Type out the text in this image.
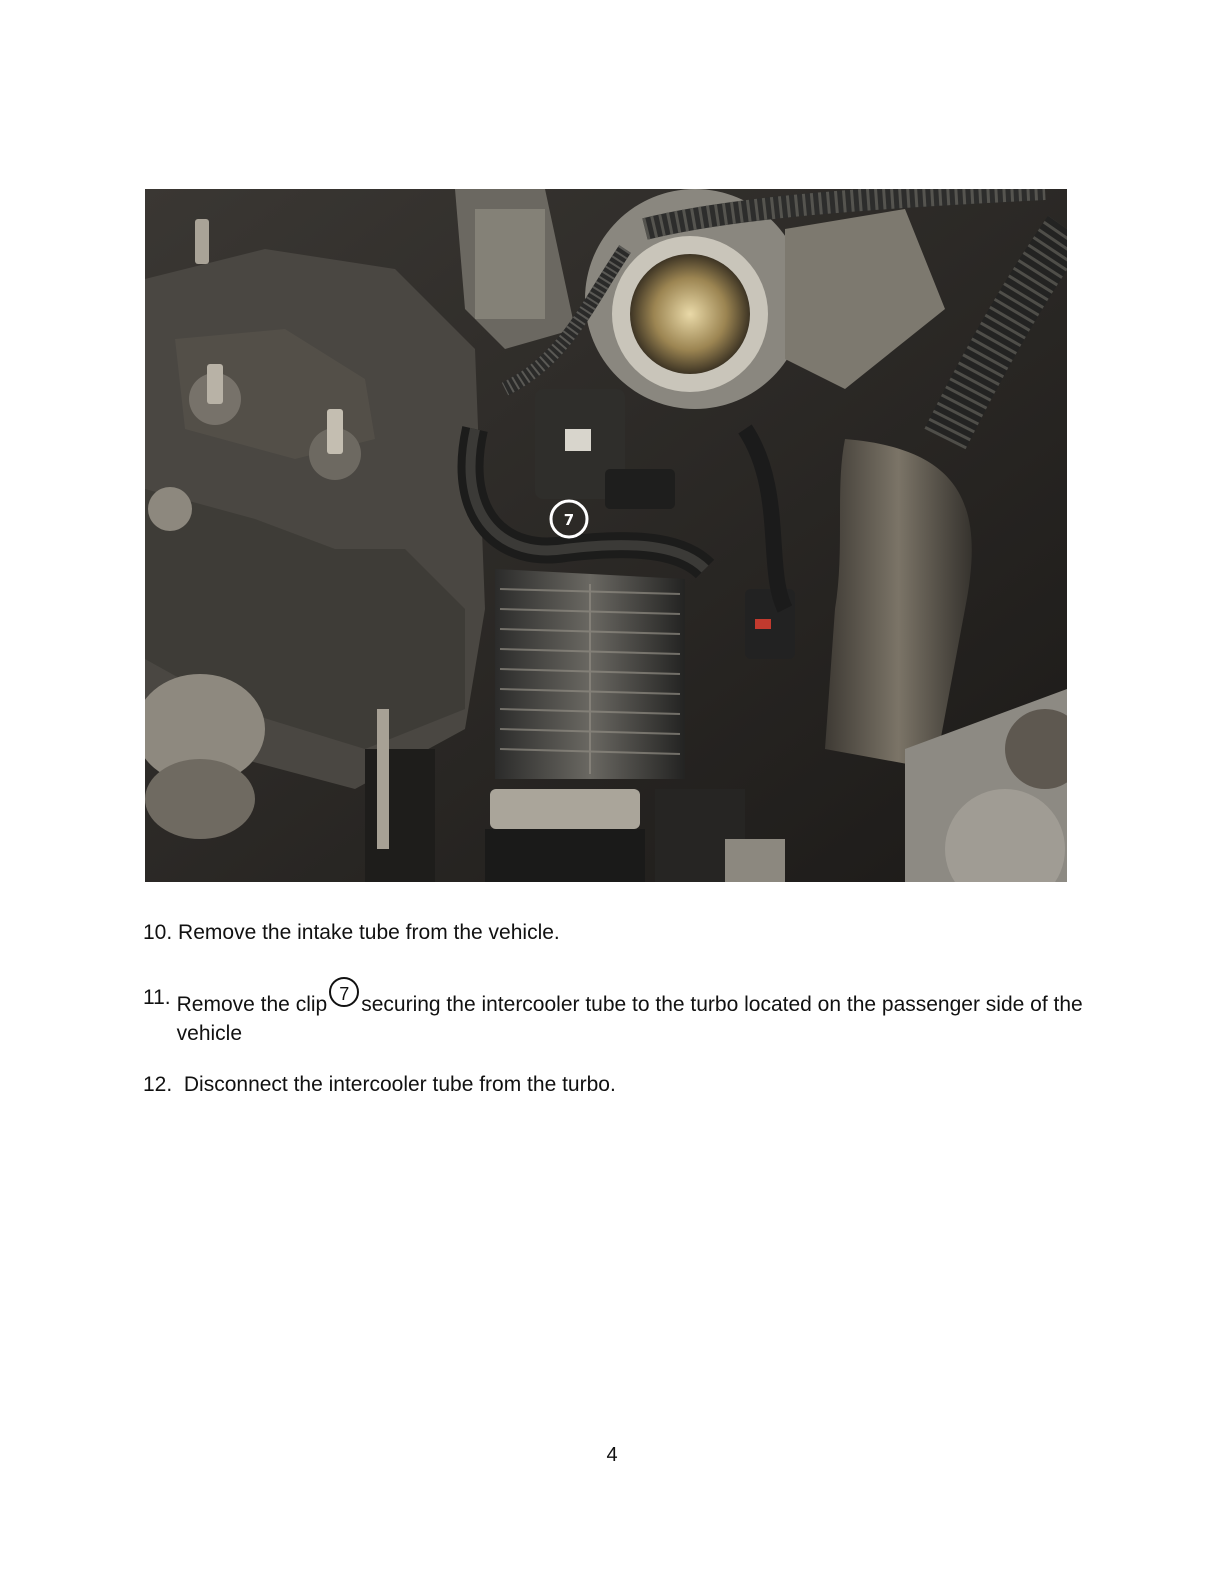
7

10. Remove the intake tube from the vehicle.

11. Remove the clip 7 securing the intercooler tube to the turbo located on the passenger side of the vehicle

12. Disconnect the intercooler tube from the turbo.

4
